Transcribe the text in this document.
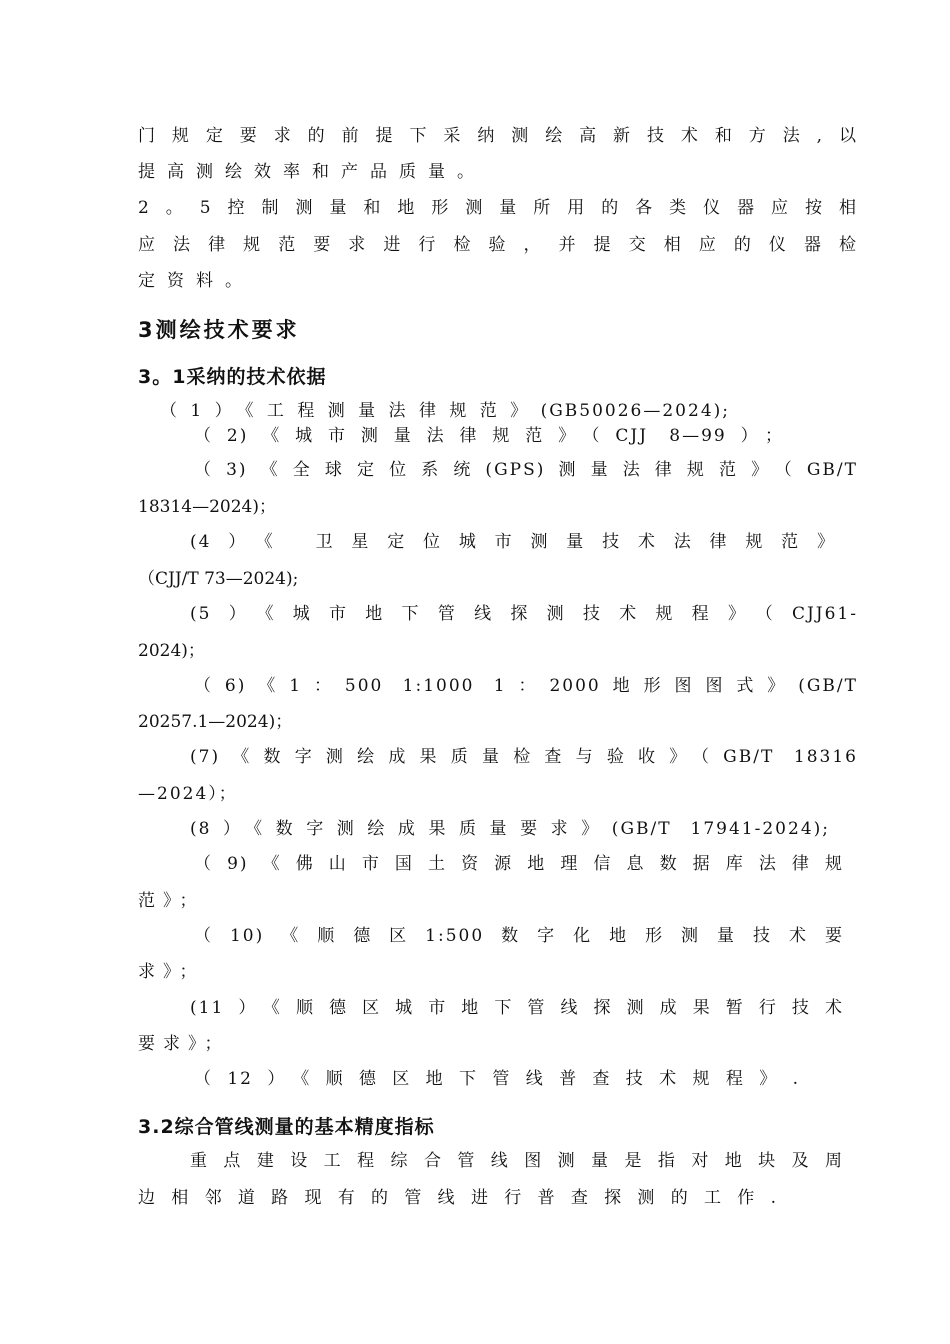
门规定要求的前提下采纳测绘高新技术和方法,以
提高测绘效率和产品质量。
2。5控制测量和地形测量所用的各类仪器应按相
应法律规范要求进行检验，并提交相应的仪器检
定资料。
3测绘技术要求
3。1采纳的技术依据
（1）《工程测量法律规范》(GB50026—2024);
（2)《城市测量法律规范》（CJJ 8—99）；
（3)《全球定位系统(GPS)测量法律规范》（GB/T
18314—2024)；
(4）《 卫星定位城市测量技术法律规范》
（CJJ/T 73—2024);
(5）《城市地下管线探测技术规程》（CJJ61-
2024)；
（6)《1：500 1:1000 1：2000地形图图式》(GB/T
20257.1—2024)；
(7)《数字测绘成果质量检查与验收》（GB/T 18316
—2024）；
(8）《数字测绘成果质量要求》(GB/T 17941-2024);
（9)《佛山市国土资源地理信息数据库法律规
范》；
（10)《顺德区1:500数字化地形测量技术要
求》；
(11）《顺德区城市地下管线探测成果暂行技术
要求》；
（12）《顺德区地下管线普查技术规程》.
3.2综合管线测量的基本精度指标
重点建设工程综合管线图测量是指对地块及周
边相邻道路现有的管线进行普查探测的工作.
